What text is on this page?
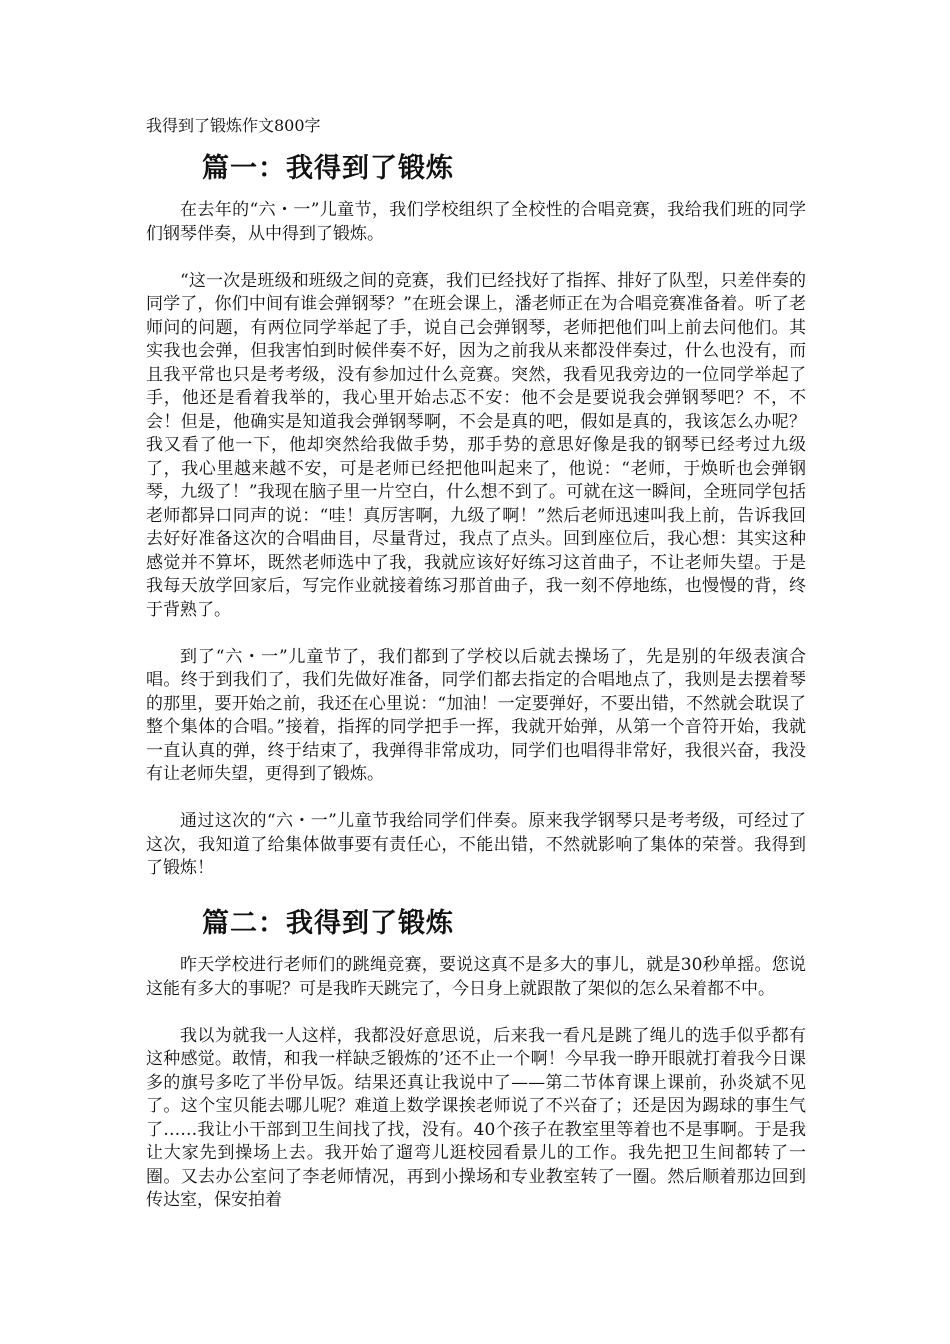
我得到了锻炼作文800字
篇一：我得到了锻炼

在去年的“六・一”儿童节，我们学校组织了全校性的合唱竞赛，我给我们班的同学们钢琴伴奏，从中得到了锻炼。

“这一次是班级和班级之间的竞赛，我们已经找好了指挥、排好了队型，只差伴奏的同学了，你们中间有谁会弹钢琴？”在班会课上，潘老师正在为合唱竞赛准备着。听了老师问的问题，有两位同学举起了手，说自己会弹钢琴，老师把他们叫上前去问他们。其实我也会弹，但我害怕到时候伴奏不好，因为之前我从来都没伴奏过，什么也没有，而且我平常也只是考考级，没有参加过什么竞赛。突然，我看见我旁边的一位同学举起了手，他还是看着我举的，我心里开始忐忑不安：他不会是要说我会弹钢琴吧？不，不会！但是，他确实是知道我会弹钢琴啊，不会是真的吧，假如是真的，我该怎么办呢？我又看了他一下，他却突然给我做手势，那手势的意思好像是我的钢琴已经考过九级了，我心里越来越不安，可是老师已经把他叫起来了，他说：“老师，于焕昕也会弹钢琴，九级了！”我现在脑子里一片空白，什么想不到了。可就在这一瞬间，全班同学包括老师都异口同声的说：“哇！真厉害啊，九级了啊！”然后老师迅速叫我上前，告诉我回去好好准备这次的合唱曲目，尽量背过，我点了点头。回到座位后，我心想：其实这种感觉并不算坏，既然老师选中了我，我就应该好好练习这首曲子，不让老师失望。于是我每天放学回家后，写完作业就接着练习那首曲子，我一刻不停地练，也慢慢的背，终于背熟了。

到了“六・一”儿童节了，我们都到了学校以后就去操场了，先是别的年级表演合唱。终于到我们了，我们先做好准备，同学们都去指定的合唱地点了，我则是去摆着琴的那里，要开始之前，我还在心里说：“加油！一定要弹好，不要出错，不然就会耽误了整个集体的合唱。”接着，指挥的同学把手一挥，我就开始弹，从第一个音符开始，我就一直认真的弹，终于结束了，我弹得非常成功，同学们也唱得非常好，我很兴奋，我没有让老师失望，更得到了锻炼。

通过这次的“六・一”儿童节我给同学们伴奏。原来我学钢琴只是考考级，可经过了这次，我知道了给集体做事要有责任心，不能出错，不然就影响了集体的荣誉。我得到了锻炼！

篇二：我得到了锻炼

昨天学校进行老师们的跳绳竞赛，要说这真不是多大的事儿，就是30秒单摇。您说这能有多大的事呢？可是我昨天跳完了，今日身上就跟散了架似的怎么呆着都不中。

我以为就我一人这样，我都没好意思说，后来我一看凡是跳了绳儿的选手似乎都有这种感觉。敢情，和我一样缺乏锻炼的’还不止一个啊！今早我一睁开眼就打着我今日课多的旗号多吃了半份早饭。结果还真让我说中了——第二节体育课上课前，孙炎斌不见了。这个宝贝能去哪儿呢？难道上数学课挨老师说了不兴奋了；还是因为踢球的事生气了……我让小干部到卫生间找了找，没有。40个孩子在教室里等着也不是事啊。于是我让大家先到操场上去。我开始了遛弯儿逛校园看景儿的工作。我先把卫生间都转了一圈。又去办公室问了李老师情况，再到小操场和专业教室转了一圈。然后顺着那边回到传达室，保安拍着
